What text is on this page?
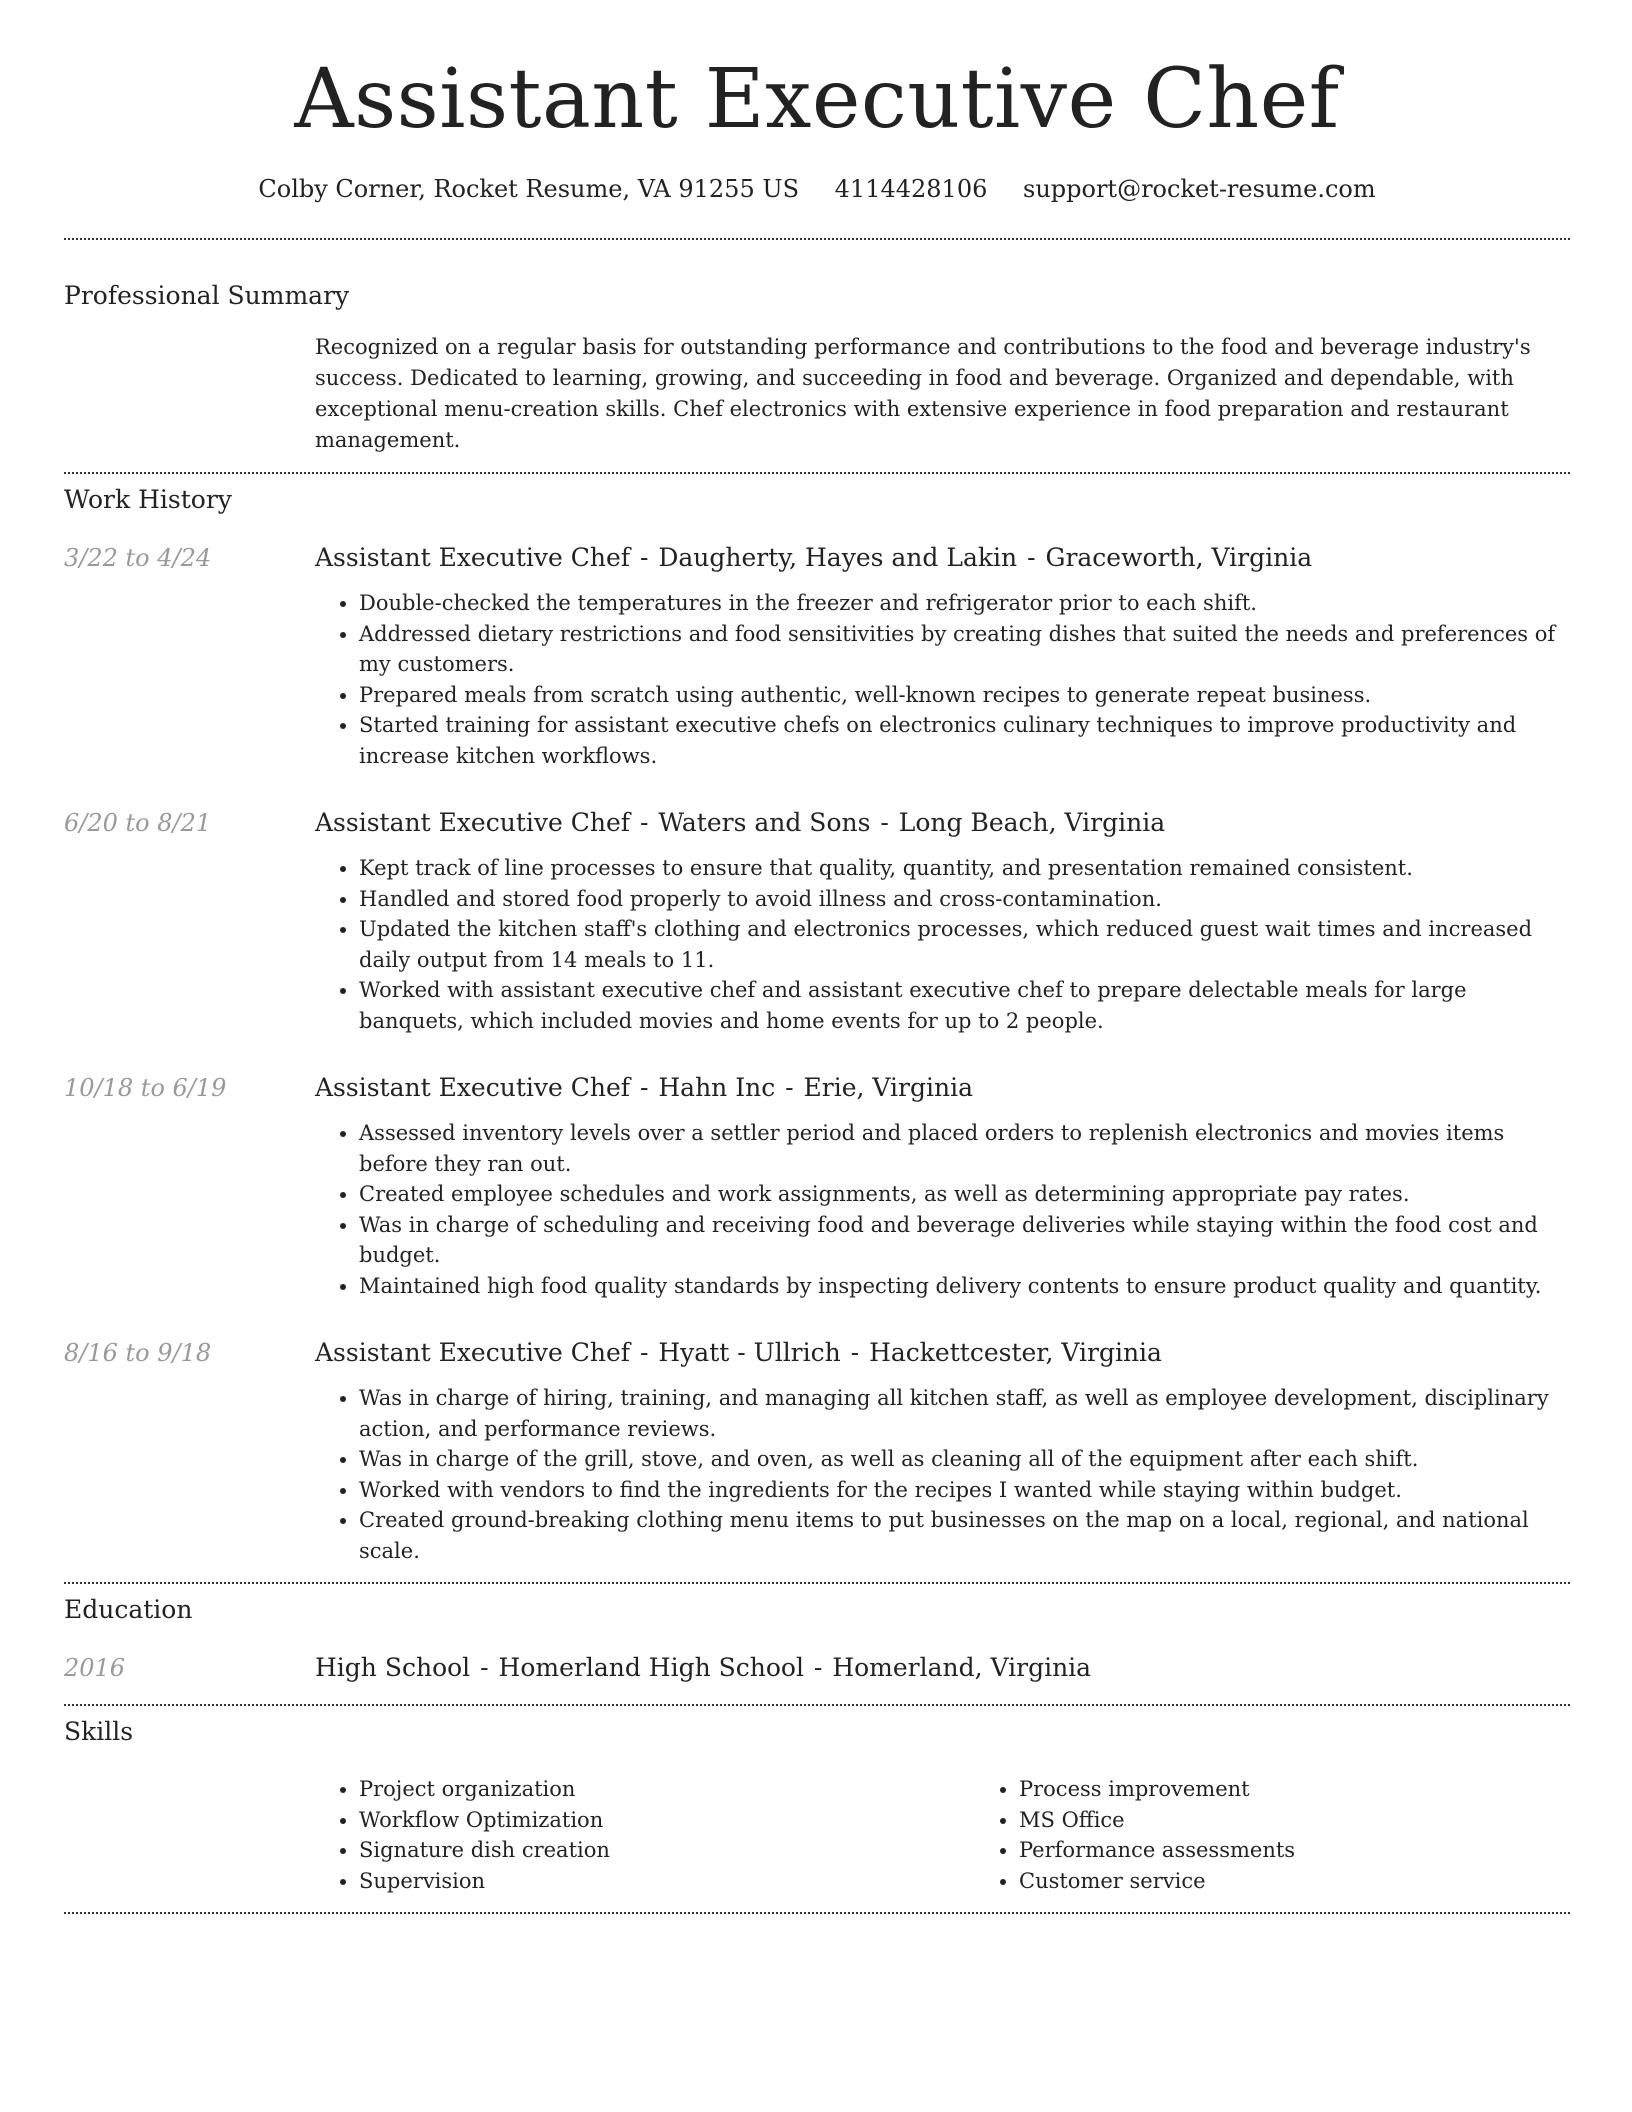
Assistant Executive Chef
Colby Corner, Rocket Resume, VA 91255 US 4114428106 support@rocket-resume.com
Professional Summary
Recognized on a regular basis for outstanding performance and contributions to the food and beverage industry's success. Dedicated to learning, growing, and succeeding in food and beverage. Organized and dependable, with exceptional menu-creation skills. Chef electronics with extensive experience in food preparation and restaurant management.
Work History
3/22 to 4/24	Assistant Executive Chef - Daugherty, Hayes and Lakin - Graceworth, Virginia
• Double-checked the temperatures in the freezer and refrigerator prior to each shift.
• Addressed dietary restrictions and food sensitivities by creating dishes that suited the needs and preferences of my customers.
• Prepared meals from scratch using authentic, well-known recipes to generate repeat business.
• Started training for assistant executive chefs on electronics culinary techniques to improve productivity and increase kitchen workflows.
6/20 to 8/21	Assistant Executive Chef - Waters and Sons - Long Beach, Virginia
• Kept track of line processes to ensure that quality, quantity, and presentation remained consistent.
• Handled and stored food properly to avoid illness and cross-contamination.
• Updated the kitchen staff's clothing and electronics processes, which reduced guest wait times and increased daily output from 14 meals to 11.
• Worked with assistant executive chef and assistant executive chef to prepare delectable meals for large banquets, which included movies and home events for up to 2 people.
10/18 to 6/19	Assistant Executive Chef - Hahn Inc - Erie, Virginia
• Assessed inventory levels over a settler period and placed orders to replenish electronics and movies items before they ran out.
• Created employee schedules and work assignments, as well as determining appropriate pay rates.
• Was in charge of scheduling and receiving food and beverage deliveries while staying within the food cost and budget.
• Maintained high food quality standards by inspecting delivery contents to ensure product quality and quantity.
8/16 to 9/18	Assistant Executive Chef - Hyatt - Ullrich - Hackettcester, Virginia
• Was in charge of hiring, training, and managing all kitchen staff, as well as employee development, disciplinary action, and performance reviews.
• Was in charge of the grill, stove, and oven, as well as cleaning all of the equipment after each shift.
• Worked with vendors to find the ingredients for the recipes I wanted while staying within budget.
• Created ground-breaking clothing menu items to put businesses on the map on a local, regional, and national scale.
Education
2016	High School - Homerland High School - Homerland, Virginia
Skills
• Project organization
• Workflow Optimization
• Signature dish creation
• Supervision
• Process improvement
• MS Office
• Performance assessments
• Customer service
